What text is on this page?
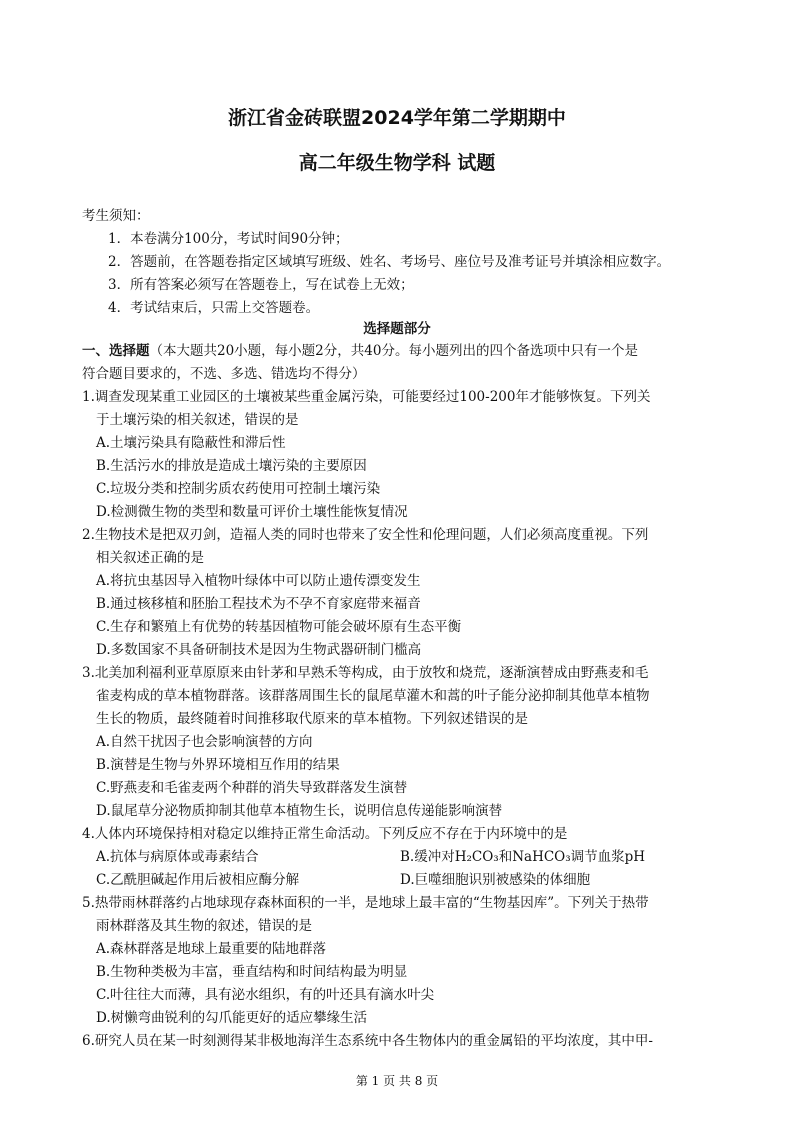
浙江省金砖联盟2024学年第二学期期中
高二年级生物学科 试题
考生须知：
1．本卷满分100分，考试时间90分钟；
2．答题前，在答题卷指定区域填写班级、姓名、考场号、座位号及准考证号并填涂相应数字。
3．所有答案必须写在答题卷上，写在试卷上无效；
4．考试结束后，只需上交答题卷。
选择题部分
一、选择题（本大题共20小题，每小题2分，共40分。每小题列出的四个备选项中只有一个是
符合题目要求的，不选、多选、错选均不得分）
1.调查发现某重工业园区的土壤被某些重金属污染，可能要经过100-200年才能够恢复。下列关
于土壤污染的相关叙述，错误的是
A.土壤污染具有隐蔽性和滞后性
B.生活污水的排放是造成土壤污染的主要原因
C.垃圾分类和控制劣质农药使用可控制土壤污染
D.检测微生物的类型和数量可评价土壤性能恢复情况
2.生物技术是把双刃剑，造福人类的同时也带来了安全性和伦理问题，人们必须高度重视。下列
相关叙述正确的是
A.将抗虫基因导入植物叶绿体中可以防止遗传漂变发生
B.通过核移植和胚胎工程技术为不孕不育家庭带来福音
C.生存和繁殖上有优势的转基因植物可能会破坏原有生态平衡
D.多数国家不具备研制技术是因为生物武器研制门槛高
3.北美加利福利亚草原原来由针茅和早熟禾等构成，由于放牧和烧荒，逐渐演替成由野燕麦和毛
雀麦构成的草本植物群落。该群落周围生长的鼠尾草灌木和蒿的叶子能分泌抑制其他草本植物
生长的物质，最终随着时间推移取代原来的草本植物。下列叙述错误的是
A.自然干扰因子也会影响演替的方向
B.演替是生物与外界环境相互作用的结果
C.野燕麦和毛雀麦两个种群的消失导致群落发生演替
D.鼠尾草分泌物质抑制其他草本植物生长，说明信息传递能影响演替
4.人体内环境保持相对稳定以维持正常生命活动。下列反应不存在于内环境中的是
A.抗体与病原体或毒素结合	B.缓冲对H₂CO₃和NaHCO₃调节血浆pH
C.乙酰胆碱起作用后被相应酶分解	D.巨噬细胞识别被感染的体细胞
5.热带雨林群落约占地球现存森林面积的一半，是地球上最丰富的“生物基因库”。下列关于热带
雨林群落及其生物的叙述，错误的是
A.森林群落是地球上最重要的陆地群落
B.生物种类极为丰富，垂直结构和时间结构最为明显
C.叶往往大而薄，具有泌水组织，有的叶还具有滴水叶尖
D.树懒弯曲锐利的勾爪能更好的适应攀缘生活
6.研究人员在某一时刻测得某非极地海洋生态系统中各生物体内的重金属铅的平均浓度，其中甲-
第 1 页 共 8 页
